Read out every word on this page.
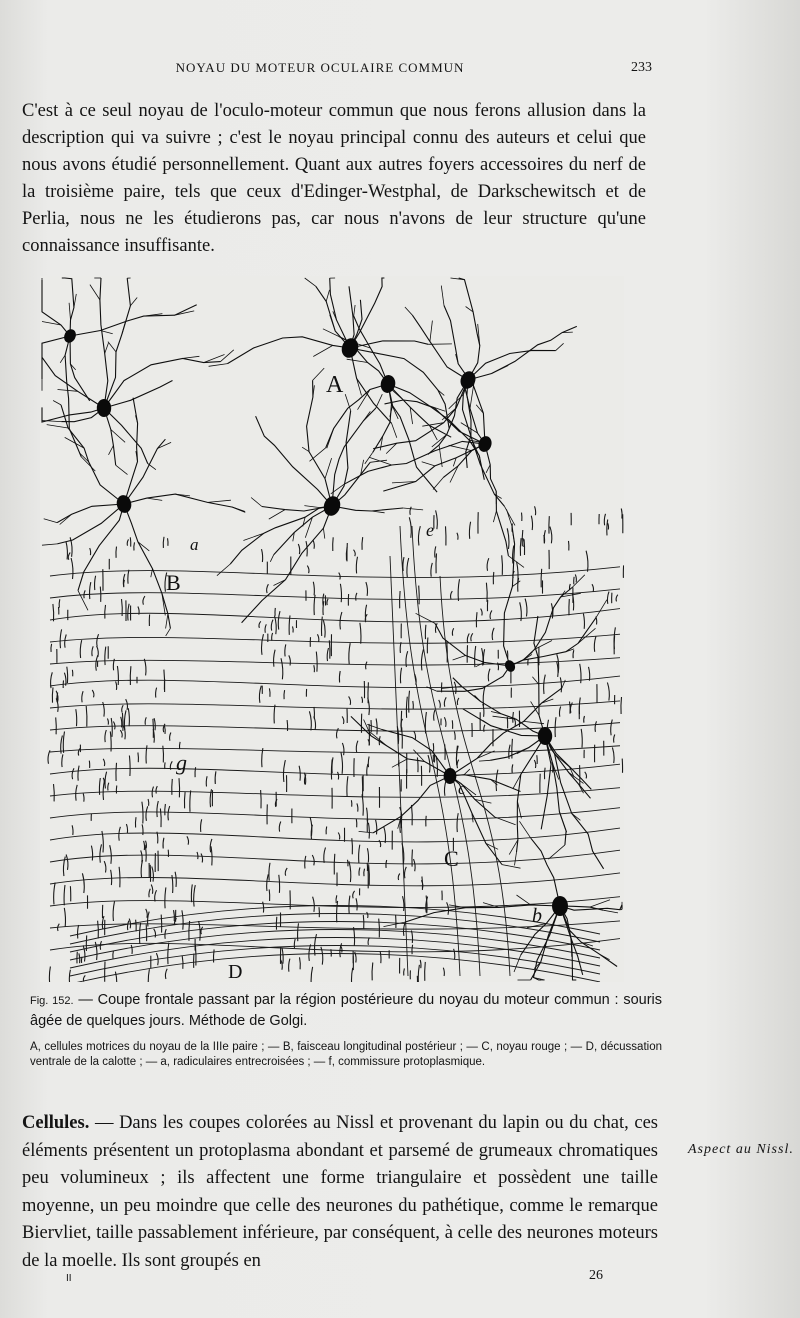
NOYAU DU MOTEUR OCULAIRE COMMUN	233

C'est à ce seul noyau de l'oculo-moteur commun que nous ferons allusion dans la description qui va suivre ; c'est le noyau principal connu des auteurs et celui que nous avons étudié personnellement. Quant aux autres foyers accessoires du nerf de la troisième paire, tels que ceux d'Edinger-Westphal, de Darkschewitsch et de Perlia, nous ne les étudierons pas, car nous n'avons de leur structure qu'une connaissance insuffisante.

A
B
C
D
a
b
c
e
g
Fig. 152. — Coupe frontale passant par la région postérieure du noyau du moteur commun : souris âgée de quelques jours. Méthode de Golgi.
A, cellules motrices du noyau de la IIIe paire ; — B, faisceau longitudinal postérieur ; — C, noyau rouge ; — D, décussation ventrale de la calotte ; — a, radiculaires entrecroisées ; — f, commissure protoplasmique.
Cellules. — Dans les coupes colorées au Nissl et provenant du lapin ou du chat, ces éléments présentent un protoplasma abondant et parsemé de grumeaux chromatiques peu volumineux ; ils affectent une forme triangulaire et possèdent une taille moyenne, un peu moindre que celle des neurones du pathétique, comme le remarque Biervliet, taille passablement inférieure, par conséquent, à celle des neurones moteurs de la moelle. Ils sont groupés en
Aspect au Nissl.
II	26
